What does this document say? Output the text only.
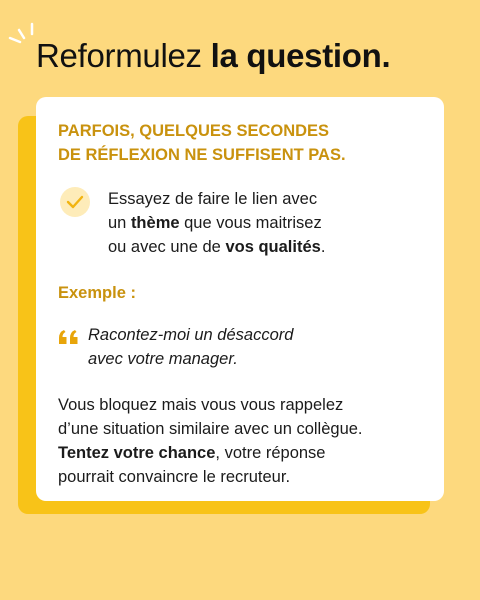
Reformulez la question.
PARFOIS, QUELQUES SECONDES
DE RÉFLEXION NE SUFFISENT PAS.
Essayez de faire le lien avec
un thème que vous maitrisez
ou avec une de vos qualités.
Exemple :
Racontez-moi un désaccord
avec votre manager.
Vous bloquez mais vous vous rappelez
d’une situation similaire avec un collègue.
Tentez votre chance, votre réponse
pourrait convaincre le recruteur.
